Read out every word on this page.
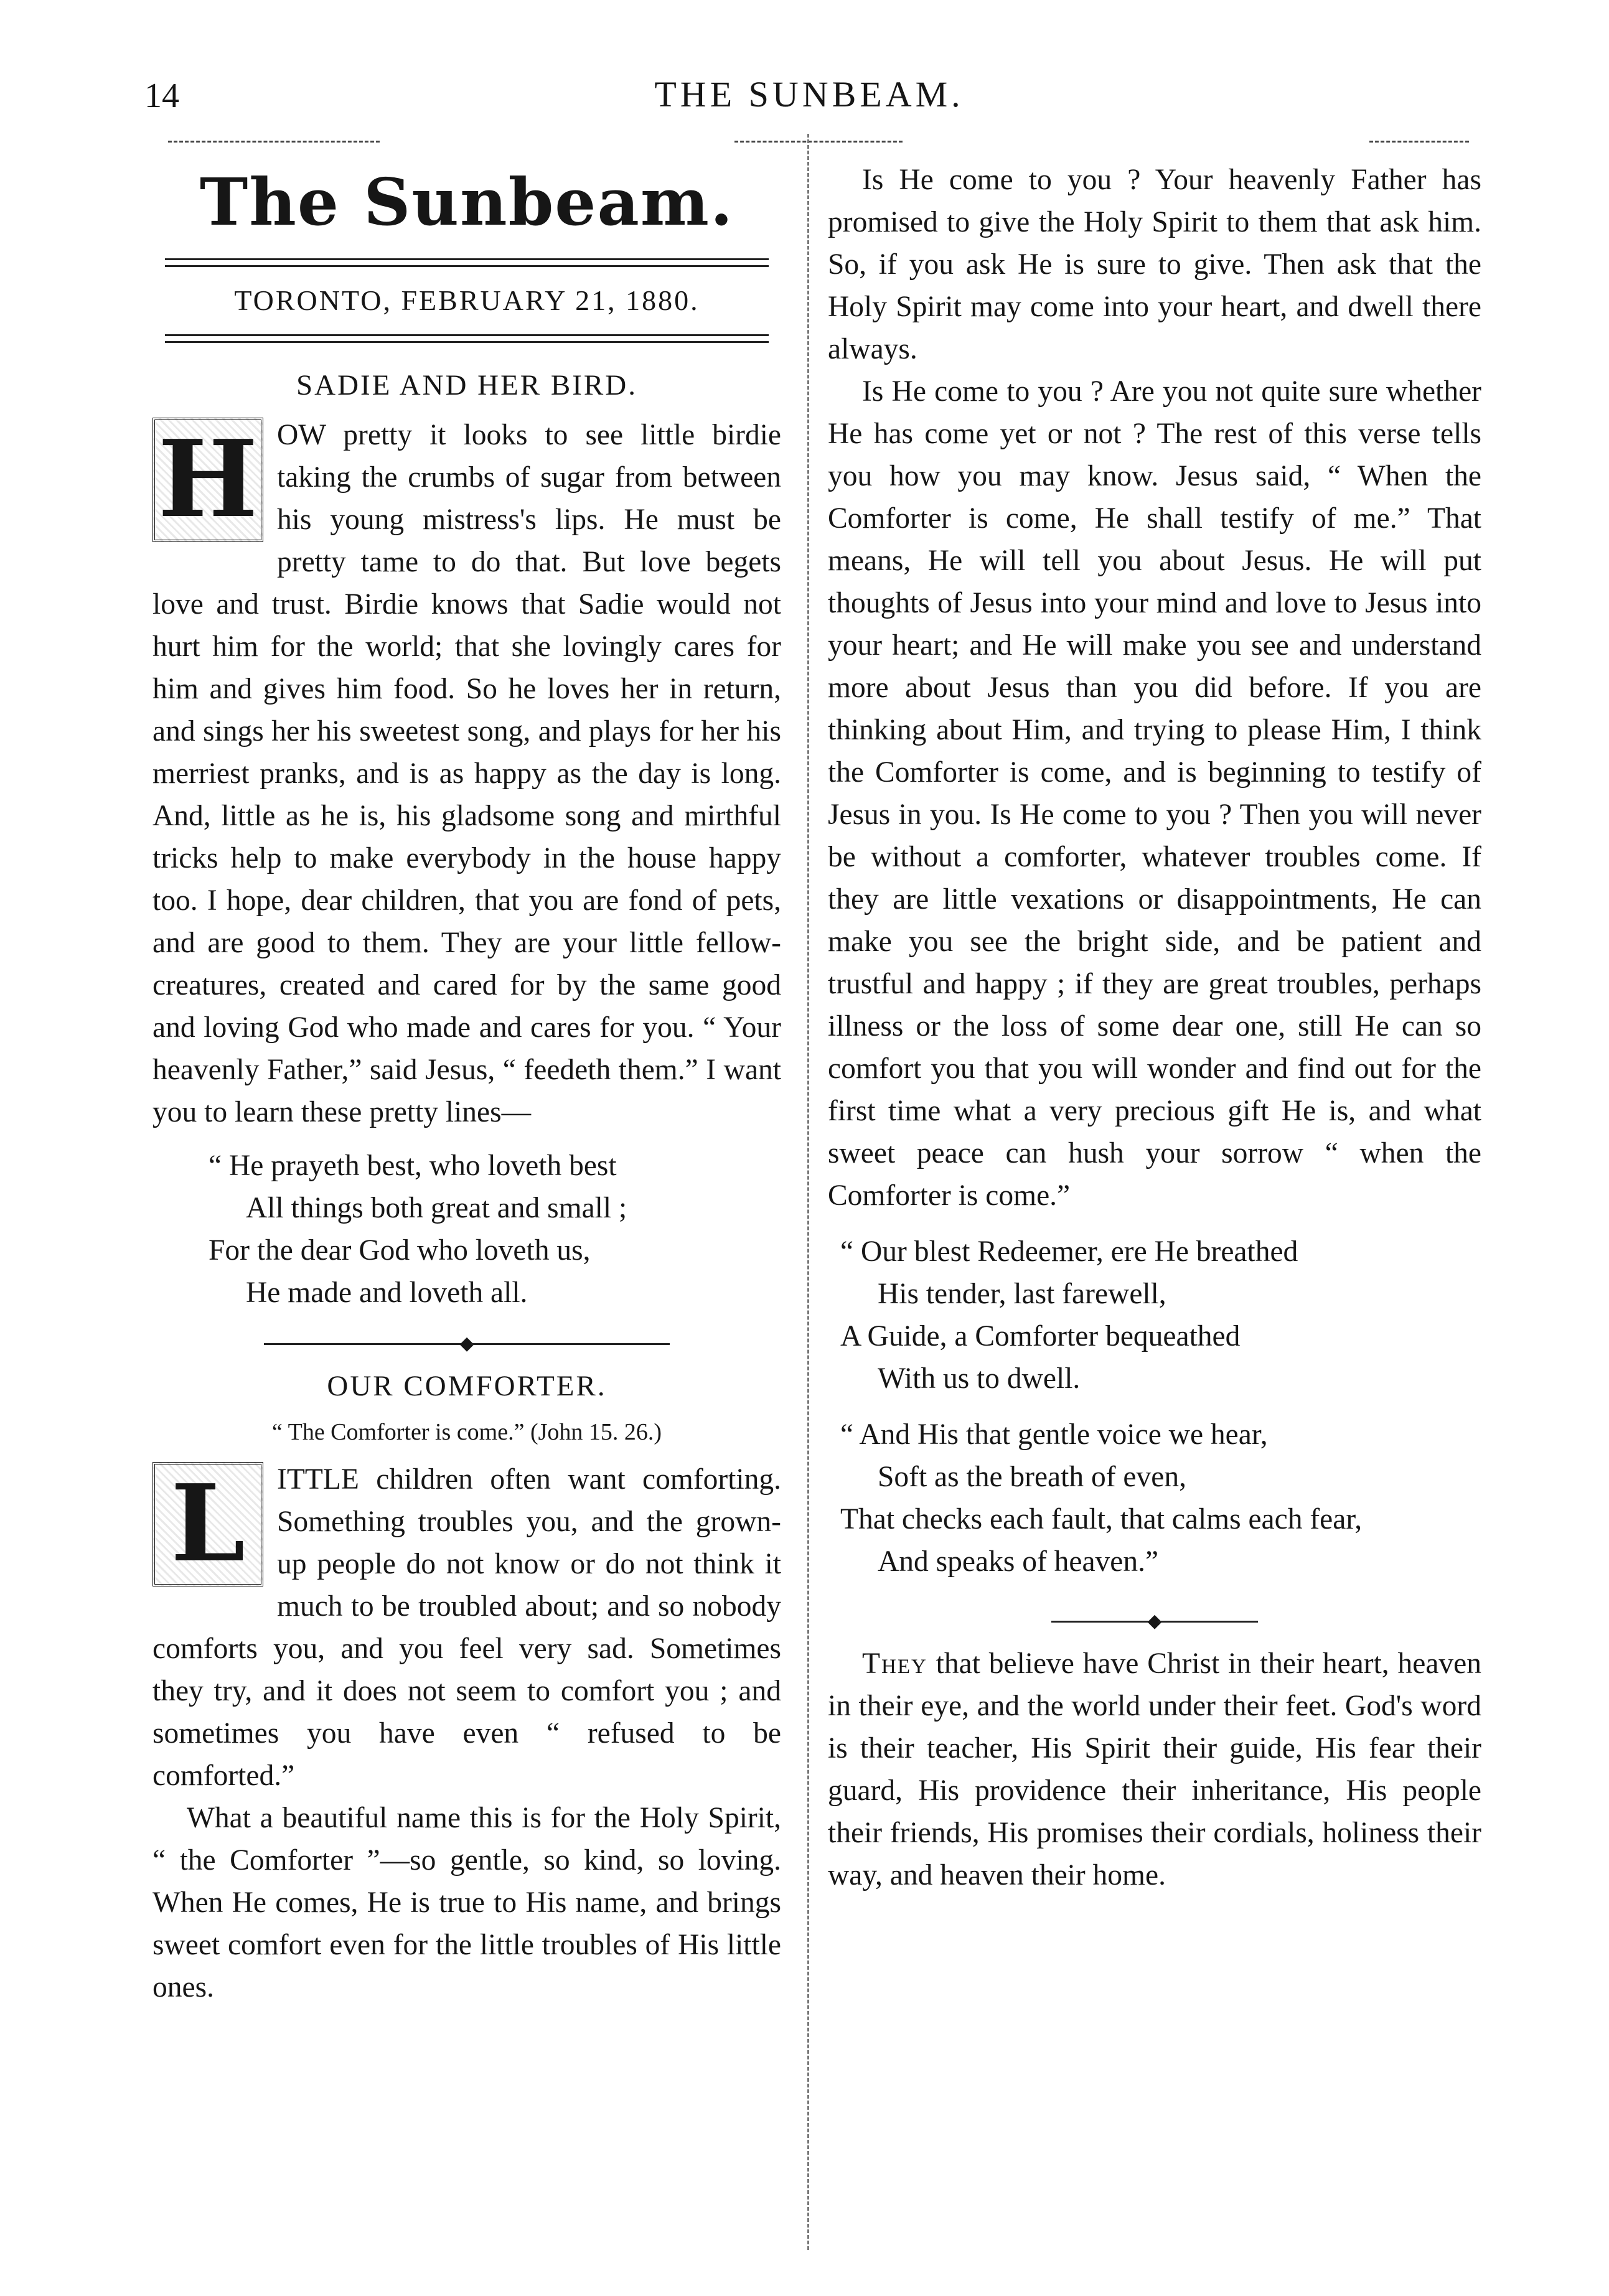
14	THE SUNBEAM.
The Sunbeam.
TORONTO, FEBRUARY 21, 1880.
SADIE AND HER BIRD.

H OW pretty it looks to see little birdie taking the crumbs of sugar from between his young mistress's lips. He must be pretty tame to do that. But love begets love and trust. Birdie knows that Sadie would not hurt him for the world; that she lovingly cares for him and gives him food. So he loves her in return, and sings her his sweetest song, and plays for her his merriest pranks, and is as happy as the day is long. And, little as he is, his gladsome song and mirthful tricks help to make everybody in the house happy too. I hope, dear children, that you are fond of pets, and are good to them. They are your little fellow-creatures, created and cared for by the same good and loving God who made and cares for you. “ Your heavenly Father,” said Jesus, “ feedeth them.” I want you to learn these pretty lines—

“ He prayeth best, who loveth best
All things both great and small ;
For the dear God who loveth us,
He made and loveth all.
◆
OUR COMFORTER.
“ The Comforter is come.” (John 15. 26.)

L	ITTLE children often want comforting. Something troubles you, and the grown-up people do not know or do not think it much to be troubled about; and so nobody comforts you, and you feel very sad. Sometimes they try, and it does not seem to comfort you ; and sometimes you have even “ refused to be comforted.”

What a beautiful name this is for the Holy Spirit, “ the Comforter ”—so gentle, so kind, so loving. When He comes, He is true to His name, and brings sweet comfort even for the little troubles of His little ones.

Is He come to you ? Your heavenly Father has promised to give the Holy Spirit to them that ask him. So, if you ask He is sure to give. Then ask that the Holy Spirit may come into your heart, and dwell there always.

Is He come to you ? Are you not quite sure whether He has come yet or not ? The rest of this verse tells you how you may know. Jesus said, “ When the Comforter is come, He shall testify of me.” That means, He will tell you about Jesus. He will put thoughts of Jesus into your mind and love to Jesus into your heart; and He will make you see and understand more about Jesus than you did before. If you are thinking about Him, and trying to please Him, I think the Comforter is come, and is beginning to testify of Jesus in you. Is He come to you ? Then you will never be without a comforter, whatever troubles come. If they are little vexations or disappointments, He can make you see the bright side, and be patient and trustful and happy ; if they are great troubles, perhaps illness or the loss of some dear one, still He can so comfort you that you will wonder and find out for the first time what a very precious gift He is, and what sweet peace can hush your sorrow “ when the Comforter is come.”

“ Our blest Redeemer, ere He breathed
His tender, last farewell,
A Guide, a Comforter bequeathed
With us to dwell.
“ And His that gentle voice we hear,
Soft as the breath of even,
That checks each fault, that calms each fear,
And speaks of heaven.”
◆

They that believe have Christ in their heart, heaven in their eye, and the world under their feet. God's word is their teacher, His Spirit their guide, His fear their guard, His providence their inheritance, His people their friends, His promises their cordials, holiness their way, and heaven their home.
